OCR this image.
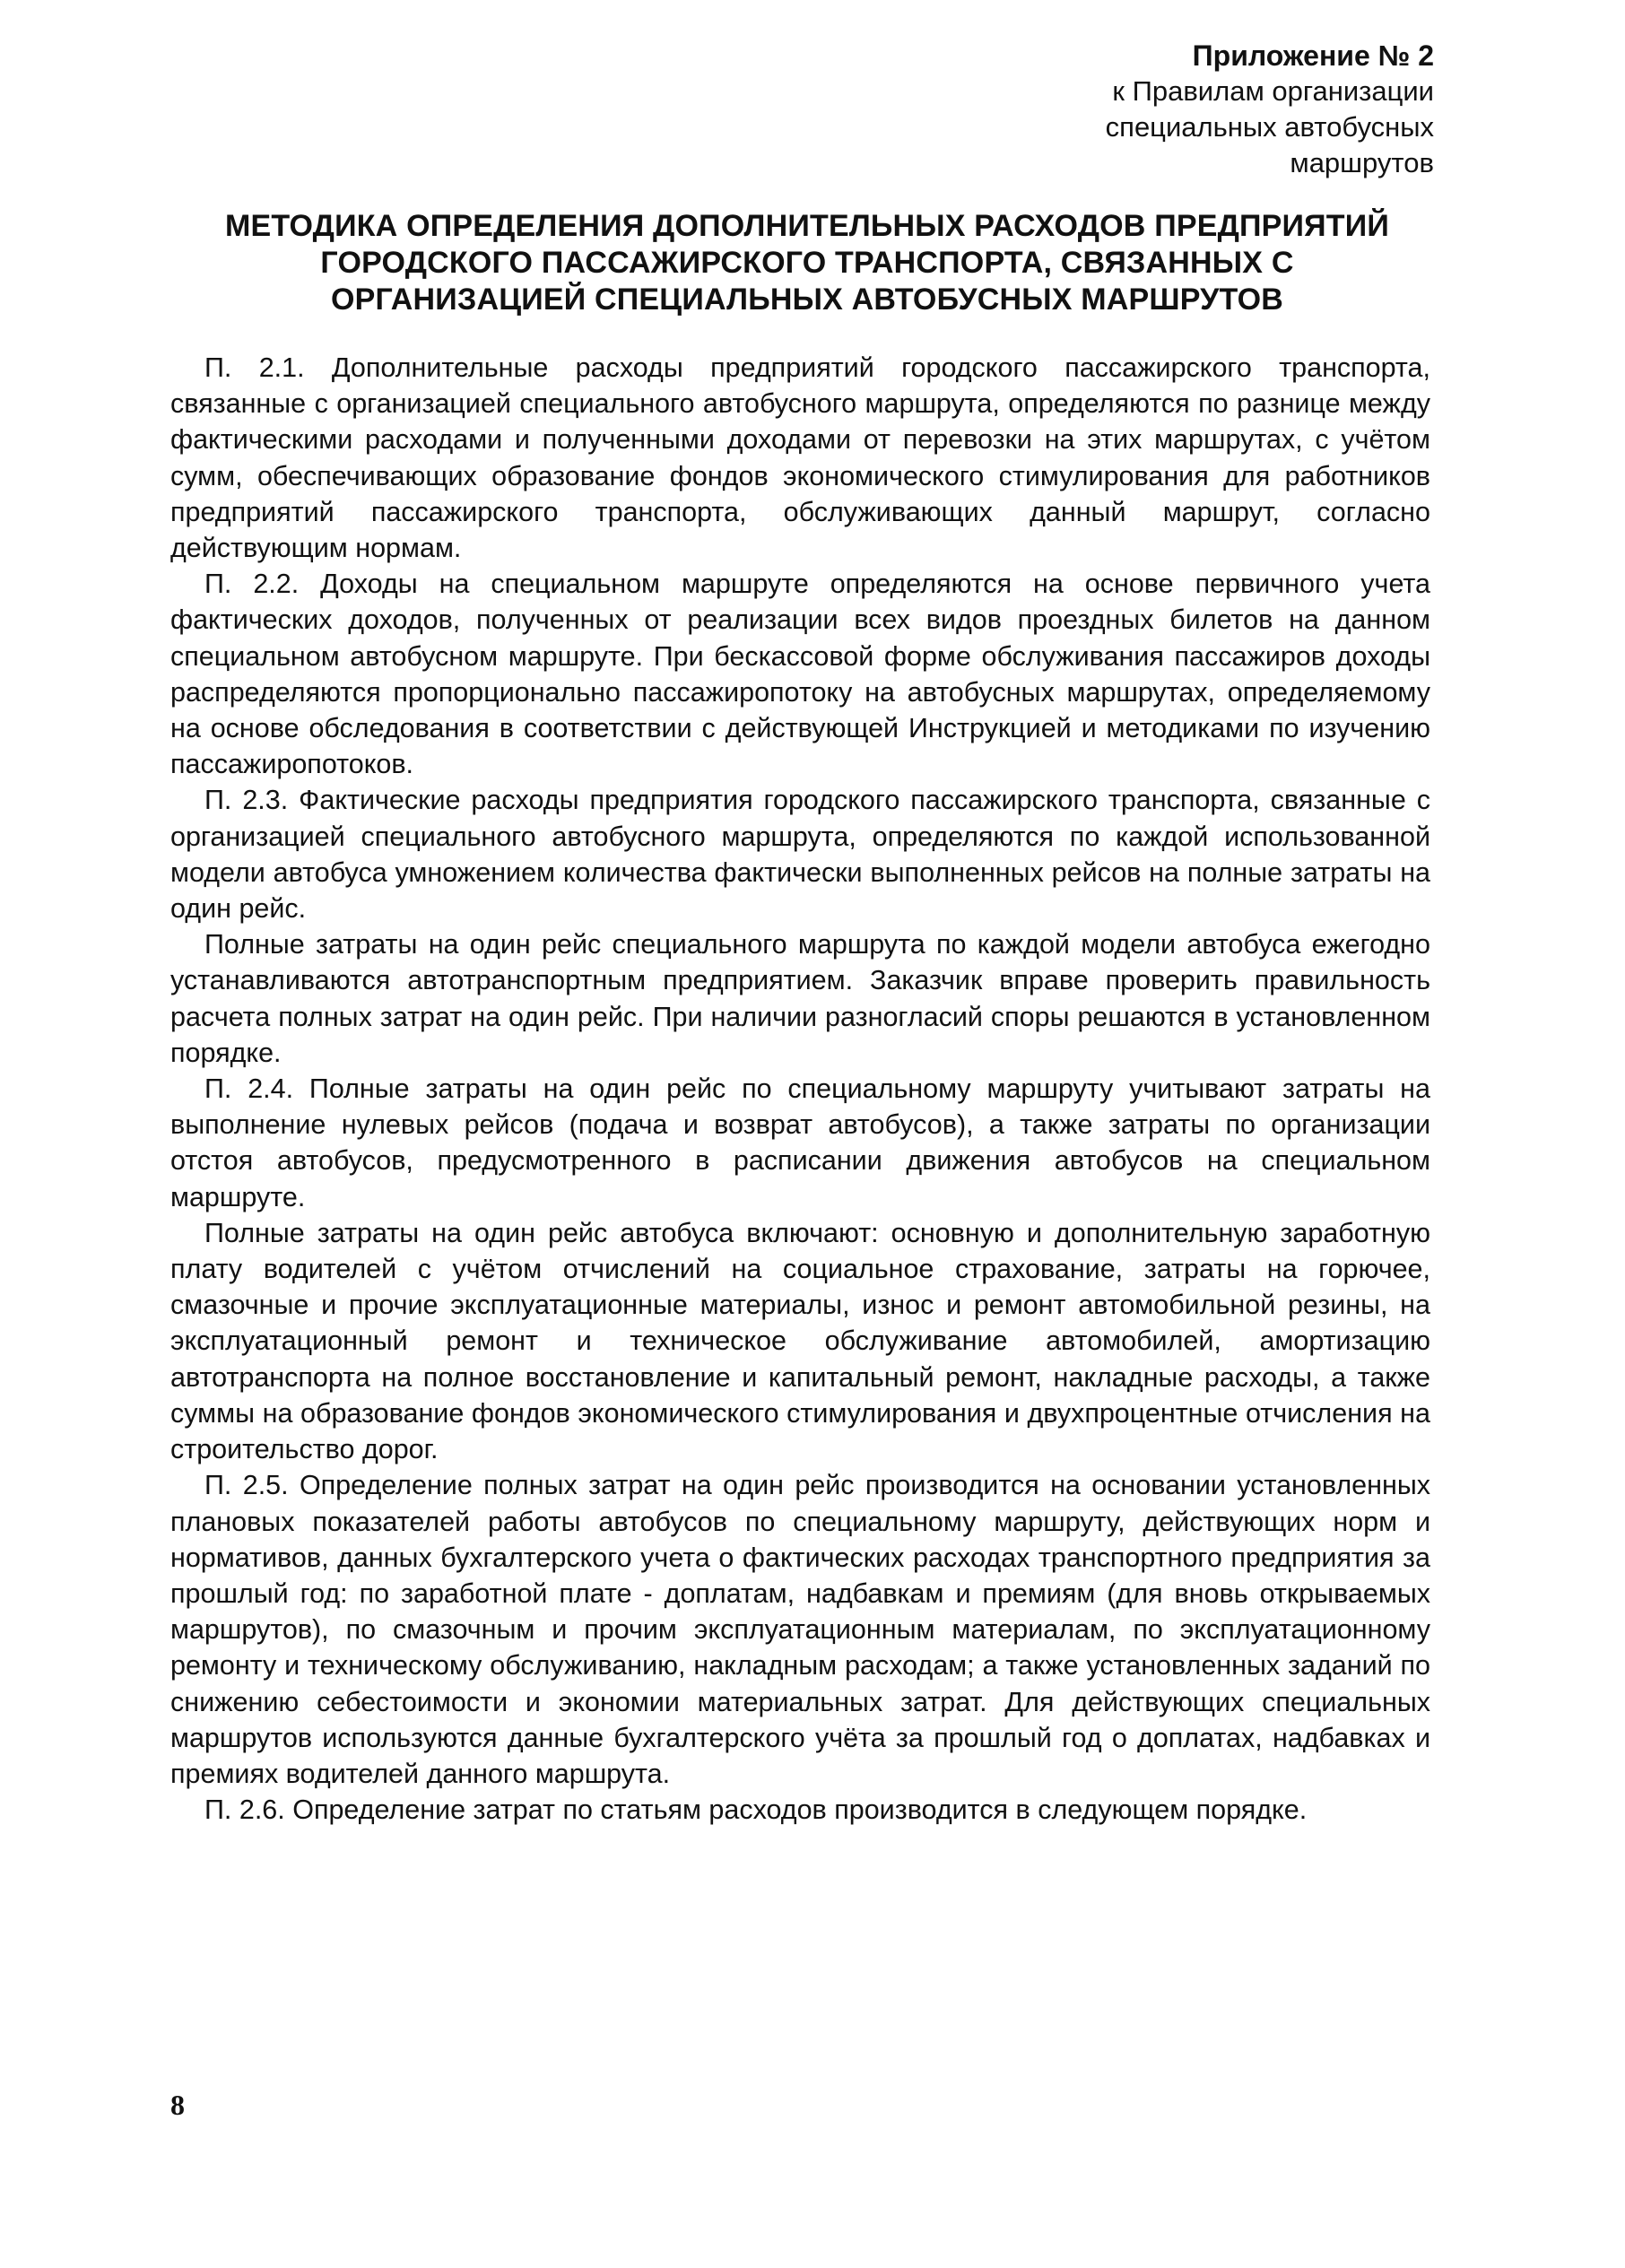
Приложение № 2
к Правилам организации
специальных автобусных
маршрутов
МЕТОДИКА ОПРЕДЕЛЕНИЯ ДОПОЛНИТЕЛЬНЫХ РАСХОДОВ ПРЕДПРИЯТИЙ
ГОРОДСКОГО ПАССАЖИРСКОГО ТРАНСПОРТА, СВЯЗАННЫХ С
ОРГАНИЗАЦИЕЙ СПЕЦИАЛЬНЫХ АВТОБУСНЫХ МАРШРУТОВ

П. 2.1. Дополнительные расходы предприятий городского пассажирского транспорта, связанные с организацией специального автобусного маршрута, определяются по разнице между фактическими расходами и полученными доходами от перевозки на этих маршрутах, с учётом сумм, обеспечивающих образование фондов экономического стимулирования для работников предприятий пассажирского транспорта, обслуживающих данный маршрут, согласно действующим нормам.

П. 2.2. Доходы на специальном маршруте определяются на основе первичного учета фактических доходов, полученных от реализации всех видов проездных билетов на данном специальном автобусном маршруте. При бескассовой форме обслуживания пассажиров доходы распределяются пропорционально пассажиропотоку на автобусных маршрутах, определяемому на основе обследования в соответствии с действующей Инструкцией и методиками по изучению пассажиропотоков.

П. 2.3. Фактические расходы предприятия городского пассажирского транспорта, связанные с организацией специального автобусного маршрута, определяются по каждой использованной модели автобуса умножением количества фактически выполненных рейсов на полные затраты на один рейс.

Полные затраты на один рейс специального маршрута по каждой модели автобуса ежегодно устанавливаются автотранспортным предприятием. Заказчик вправе проверить правильность расчета полных затрат на один рейс. При наличии разногласий споры решаются в установленном порядке.

П. 2.4. Полные затраты на один рейс по специальному маршруту учитывают затраты на выполнение нулевых рейсов (подача и возврат автобусов), а также затраты по организации отстоя автобусов, предусмотренного в расписании движения автобусов на специальном маршруте.

Полные затраты на один рейс автобуса включают: основную и дополнительную заработную плату водителей с учётом отчислений на социальное страхование, затраты на горючее, смазочные и прочие эксплуатационные материалы, износ и ремонт автомобильной резины, на эксплуатационный ремонт и техническое обслуживание автомобилей, амортизацию автотранспорта на полное восстановление и капитальный ремонт, накладные расходы, а также суммы на образование фондов экономического стимулирования и двухпроцентные отчисления на строительство дорог.

П. 2.5. Определение полных затрат на один рейс производится на основании установленных плановых показателей работы автобусов по специальному маршруту, действующих норм и нормативов, данных бухгалтерского учета о фактических расходах транспортного предприятия за прошлый год: по заработной плате - доплатам, надбавкам и премиям (для вновь открываемых маршрутов), по смазочным и прочим эксплуатационным материалам, по эксплуатационному ремонту и техническому обслуживанию, накладным расходам; а также установленных заданий по снижению себестоимости и экономии материальных затрат. Для действующих специальных маршрутов используются данные бухгалтерского учёта за прошлый год о доплатах, надбавках и премиях водителей данного маршрута.

П. 2.6. Определение затрат по статьям расходов производится в следующем порядке.

8
